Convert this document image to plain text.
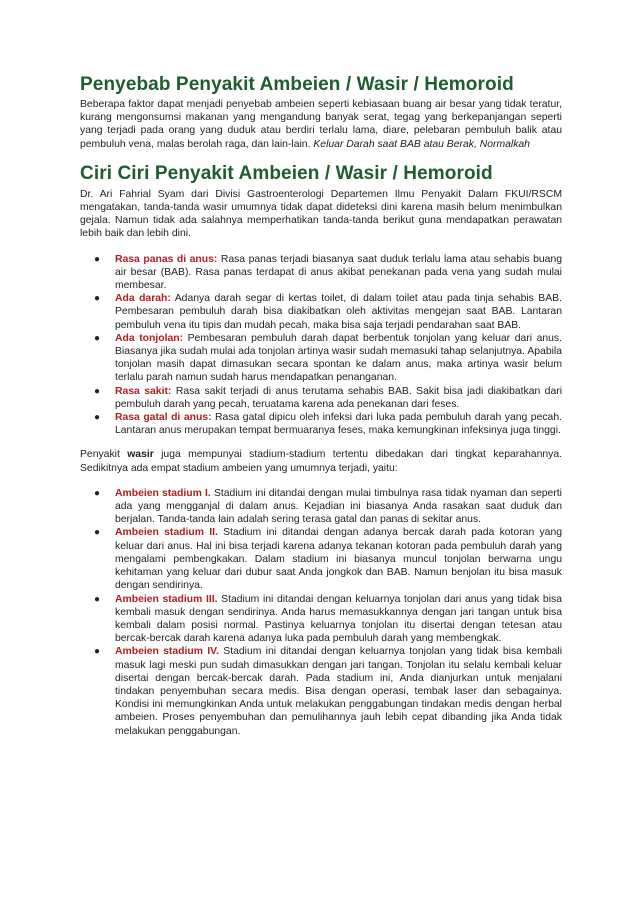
Penyebab Penyakit Ambeien / Wasir / Hemoroid

Beberapa faktor dapat menjadi penyebab ambeien seperti kebiasaan buang air besar yang tidak teratur, kurang mengonsumsi makanan yang mengandung banyak serat, tegag yang berkepanjangan seperti yang terjadi pada orang yang duduk atau berdiri terlalu lama, diare, pelebaran pembuluh balik atau pembuluh vena, malas berolah raga, dan lain-lain. Keluar Darah saat BAB atau Berak, Normalkah

Ciri Ciri Penyakit Ambeien / Wasir / Hemoroid

Dr. Ari Fahrial Syam dari Divisi Gastroenterologi Departemen Ilmu Penyakit Dalam FKUI/RSCM mengatakan, tanda-tanda wasir umumnya tidak dapat dideteksi dini karena masih belum menimbulkan gejala. Namun tidak ada salahnya memperhatikan tanda-tanda berikut guna mendapatkan perawatan lebih baik dan lebih dini.

● Rasa panas di anus: Rasa panas terjadi biasanya saat duduk terlalu lama atau sehabis buang air besar (BAB). Rasa panas terdapat di anus akibat penekanan pada vena yang sudah mulai membesar.
● Ada darah: Adanya darah segar di kertas toilet, di dalam toilet atau pada tinja sehabis BAB. Pembesaran pembuluh darah bisa diakibatkan oleh aktivitas mengejan saat BAB. Lantaran pembuluh vena itu tipis dan mudah pecah, maka bisa saja terjadi pendarahan saat BAB.
● Ada tonjolan: Pembesaran pembuluh darah dapat berbentuk tonjolan yang keluar dari anus. Biasanya jika sudah mulai ada tonjolan artinya wasir sudah memasuki tahap selanjutnya. Apabila tonjolan masih dapat dimasukan secara spontan ke dalam anus, maka artinya wasir belum terlalu parah namun sudah harus mendapatkan penanganan.
● Rasa sakit: Rasa sakit terjadi di anus terutama sehabis BAB. Sakit bisa jadi diakibatkan dari pembuluh darah yang pecah, teruatama karena ada penekanan dari feses.
● Rasa gatal di anus: Rasa gatal dipicu oleh infeksi dari luka pada pembuluh darah yang pecah. Lantaran anus merupakan tempat bermuaranya feses, maka kemungkinan infeksinya juga tinggi.

Penyakit wasir juga mempunyai stadium-stadium tertentu dibedakan dari tingkat keparahannya. Sedikitnya ada empat stadium ambeien yang umumnya terjadi, yaitu:

● Ambeien stadium I. Stadium ini ditandai dengan mulai timbulnya rasa tidak nyaman dan seperti ada yang mengganjal di dalam anus. Kejadian ini biasanya Anda rasakan saat duduk dan berjalan. Tanda-tanda lain adalah sering terasa gatal dan panas di sekitar anus.
● Ambeien stadium II. Stadium ini ditandai dengan adanya bercak darah pada kotoran yang keluar dari anus. Hal ini bisa terjadi karena adanya tekanan kotoran pada pembuluh darah yang mengalami pembengkakan. Dalam stadium ini biasanya muncul tonjolan berwarna ungu kehitaman yang keluar dari dubur saat Anda jongkok dan BAB. Namun benjolan itu bisa masuk dengan sendirinya.
● Ambeien stadium III. Stadium ini ditandai dengan keluarnya tonjolan dari anus yang tidak bisa kembali masuk dengan sendirinya. Anda harus memasukkannya dengan jari tangan untuk bisa kembali dalam posisi normal. Pastinya keluarnya tonjolan itu disertai dengan tetesan atau bercak-bercak darah karena adanya luka pada pembuluh darah yang membengkak.
● Ambeien stadium IV. Stadium ini ditandai dengan keluarnya tonjolan yang tidak bisa kembali masuk lagi meski pun sudah dimasukkan dengan jari tangan. Tonjolan itu selalu kembali keluar disertai dengan bercak-bercak darah. Pada stadium ini, Anda dianjurkan untuk menjalani tindakan penyembuhan secara medis. Bisa dengan operasi, tembak laser dan sebagainya. Kondisi ini memungkinkan Anda untuk melakukan penggabungan tindakan medis dengan herbal ambeien. Proses penyembuhan dan pemulihannya jauh lebih cepat dibanding jika Anda tidak melakukan penggabungan.
